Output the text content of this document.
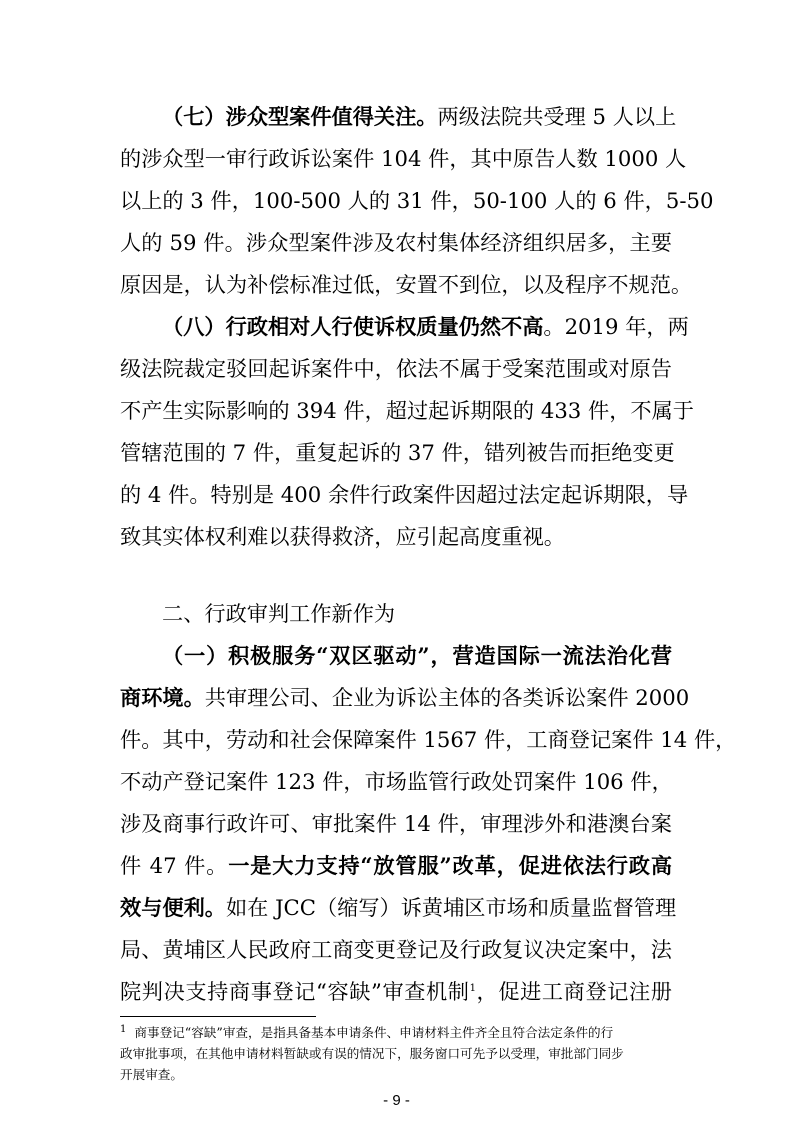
（七）涉众型案件值得关注。两级法院共受理 5 人以上
的涉众型一审行政诉讼案件 104 件，其中原告人数 1000 人
以上的 3 件，100-500 人的 31 件，50-100 人的 6 件，5-50
人的 59 件。涉众型案件涉及农村集体经济组织居多，主要
原因是，认为补偿标准过低，安置不到位，以及程序不规范。
（八）行政相对人行使诉权质量仍然不高。2019 年，两
级法院裁定驳回起诉案件中，依法不属于受案范围或对原告
不产生实际影响的 394 件，超过起诉期限的 433 件，不属于
管辖范围的 7 件，重复起诉的 37 件，错列被告而拒绝变更
的 4 件。特别是 400 余件行政案件因超过法定起诉期限，导
致其实体权利难以获得救济，应引起高度重视。
二、行政审判工作新作为
（一）积极服务“双区驱动”，营造国际一流法治化营
商环境。共审理公司、企业为诉讼主体的各类诉讼案件 2000
件。其中，劳动和社会保障案件 1567 件，工商登记案件 14 件，
不动产登记案件 123 件，市场监管行政处罚案件 106 件，
涉及商事行政许可、审批案件 14 件，审理涉外和港澳台案
件 47 件。一是大力支持“放管服”改革，促进依法行政高
效与便利。如在 JCC（缩写）诉黄埔区市场和质量监督管理
局、黄埔区人民政府工商变更登记及行政复议决定案中，法
院判决支持商事登记“容缺”审查机制$^1$，促进工商登记注册
$^1$ 商事登记“容缺”审查，是指具备基本申请条件、申请材料主件齐全且符合法定条件的行
政审批事项，在其他申请材料暂缺或有误的情况下，服务窗口可先予以受理，审批部门同步
开展审查。
- 9 -
